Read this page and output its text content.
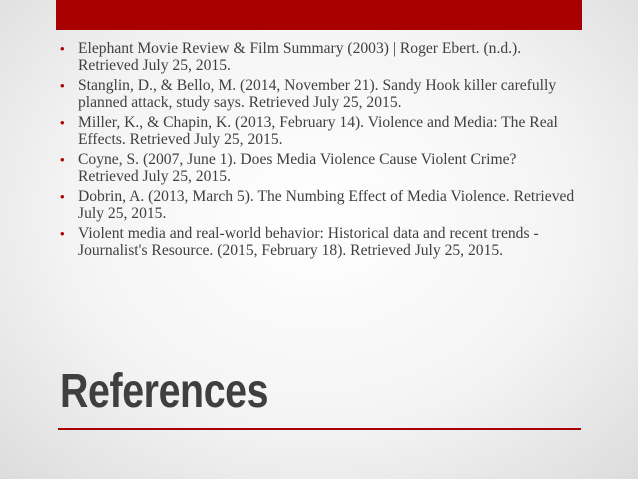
• Elephant Movie Review & Film Summary (2003) | Roger Ebert. (n.d.). Retrieved July 25, 2015.
• Stanglin, D., & Bello, M. (2014, November 21). Sandy Hook killer carefully planned attack, study says. Retrieved July 25, 2015.
• Miller, K., & Chapin, K. (2013, February 14). Violence and Media: The Real Effects. Retrieved July 25, 2015.
• Coyne, S. (2007, June 1). Does Media Violence Cause Violent Crime? Retrieved July 25, 2015.
• Dobrin, A. (2013, March 5). The Numbing Effect of Media Violence. Retrieved July 25, 2015.
• Violent media and real-world behavior: Historical data and recent trends - Journalist's Resource. (2015, February 18). Retrieved July 25, 2015.
References
